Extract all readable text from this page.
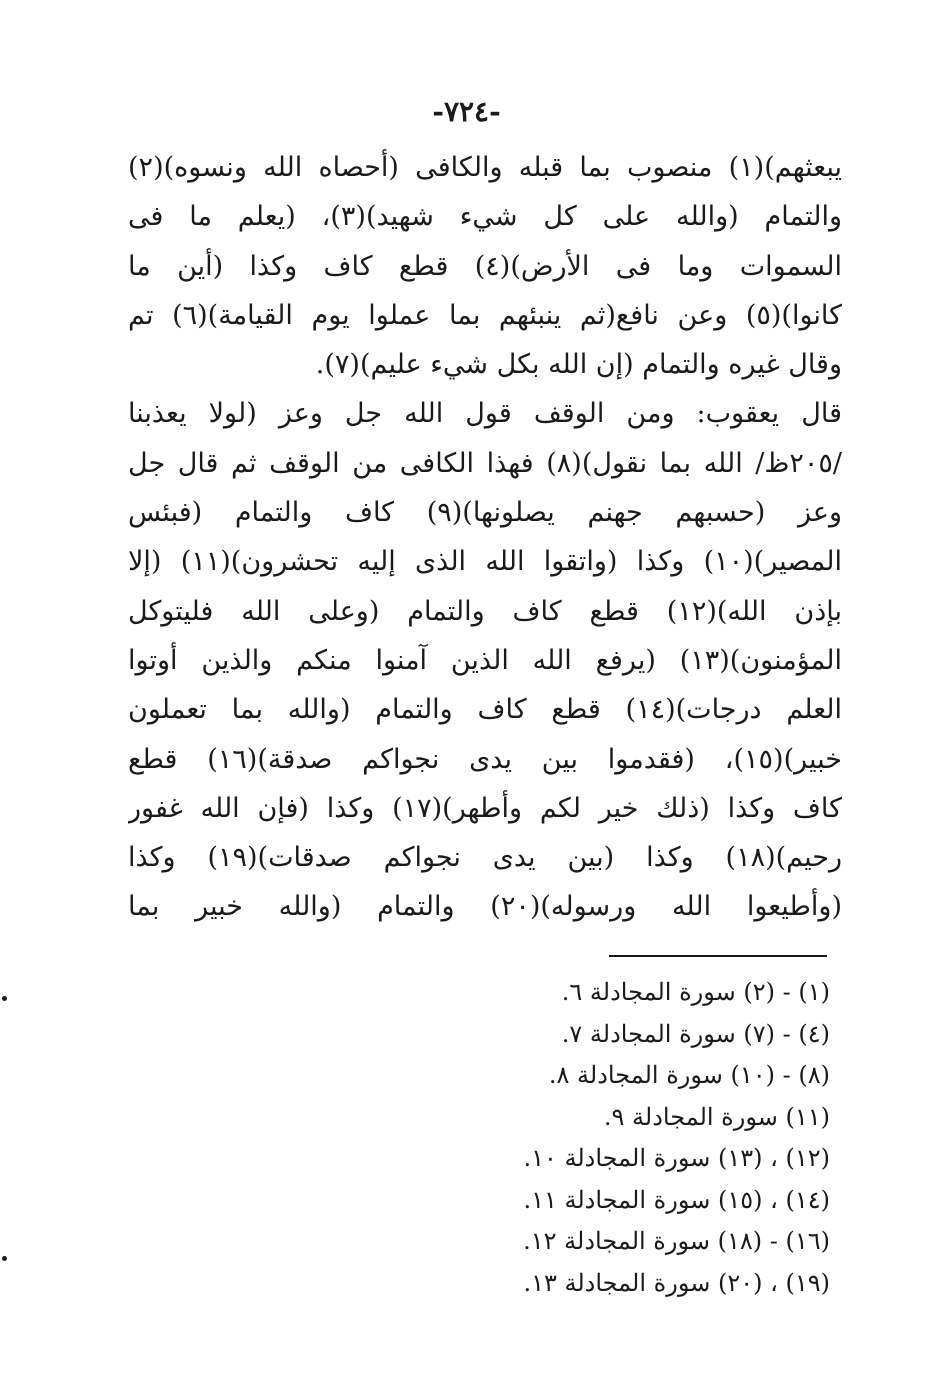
-٧٢٤-
يبعثهم)(١) منصوب بما قبله والكافى (أحصاه الله ونسوه)(٢)
والتمام (والله على كل شيء شهيد)(٣)، (يعلم ما فى
السموات وما فى الأرض)(٤) قطع كاف وكذا (أين ما
كانوا)(٥) وعن نافع(ثم ينبئهم بما عملوا يوم القيامة)(٦) تم
وقال غيره والتمام (إن الله بكل شيء عليم)(٧).
قال يعقوب: ومن الوقف قول الله جل وعز (لولا يعذبنا
/٢٠٥ظ/ الله بما نقول)(٨) فهذا الكافى من الوقف ثم قال جل
وعز (حسبهم جهنم يصلونها)(٩) كاف والتمام (فبئس
المصير)(١٠) وكذا (واتقوا الله الذى إليه تحشرون)(١١) (إلا
بإذن الله)(١٢) قطع كاف والتمام (وعلى الله فليتوكل
المؤمنون)(١٣) (يرفع الله الذين آمنوا منكم والذين أوتوا
العلم درجات)(١٤) قطع كاف والتمام (والله بما تعملون
خبير)(١٥)، (فقدموا بين يدى نجواكم صدقة)(١٦) قطع
كاف وكذا (ذلك خير لكم وأطهر)(١٧) وكذا (فإن الله غفور
رحيم)(١٨) وكذا (بين يدى نجواكم صدقات)(١٩) وكذا
(وأطيعوا الله ورسوله)(٢٠) والتمام (والله خبير بما
(١) - (٢) سورة المجادلة ٦.
(٤) - (٧) سورة المجادلة ٧.
(٨) - (١٠) سورة المجادلة ٨.
(١١) سورة المجادلة ٩.
(١٢) ، (١٣) سورة المجادلة ١٠.
(١٤) ، (١٥) سورة المجادلة ١١.
(١٦) - (١٨) سورة المجادلة ١٢.
(١٩) ، (٢٠) سورة المجادلة ١٣.
